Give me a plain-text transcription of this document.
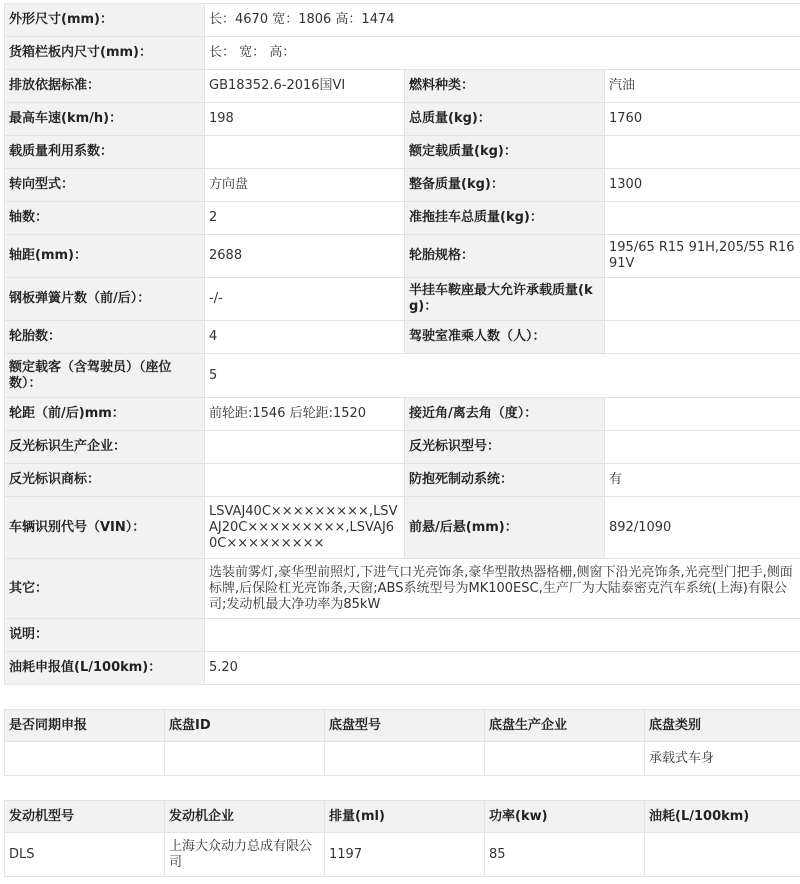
外形尺寸(mm)：	长：4670 宽：1806 高：1474		
货箱栏板内尺寸(mm)：	长： 宽： 高：		
排放依据标准：	GB18352.6-2016国VI	燃料种类：	汽油
最高车速(km/h)：	198	总质量(kg)：	1760
载质量利用系数：		额定载质量(kg)：	
转向型式：	方向盘	整备质量(kg)：	1300
轴数：	2	准拖挂车总质量(kg)：	
轴距(mm)：	2688	轮胎规格：	195/65 R15 91H,205/55 R16 91V
钢板弹簧片数（前/后）：	-/-	半挂车鞍座最大允许承载质量(kg)：	
轮胎数：	4	驾驶室准乘人数（人）：	
额定载客（含驾驶员）（座位数）：	5		
轮距（前/后)mm：	前轮距:1546 后轮距:1520	接近角/离去角（度）：	
反光标识生产企业：		反光标识型号：	
反光标识商标：		防抱死制动系统：	有
车辆识别代号（VIN）：	LSVAJ40C×××××××××,LSVAJ20C×××××××××,LSVAJ60C×××××××××	前悬/后悬(mm)：	892/1090
其它：	选装前雾灯,豪华型前照灯,下进气口光亮饰条,豪华型散热器格栅,侧窗下沿光亮饰条,光亮型门把手,侧面标牌,后保险杠光亮饰条,天窗;ABS系统型号为MK100ESC,生产厂为大陆泰密克汽车系统(上海)有限公司;发动机最大净功率为85kW		
说明：			
油耗申报值(L/100km)：	5.20		
是否同期申报	底盘ID	底盘型号	底盘生产企业	底盘类别
				承载式车身
发动机型号	发动机企业	排量(ml)	功率(kw)	油耗(L/100km)
DLS	上海大众动力总成有限公司	1197	85	
